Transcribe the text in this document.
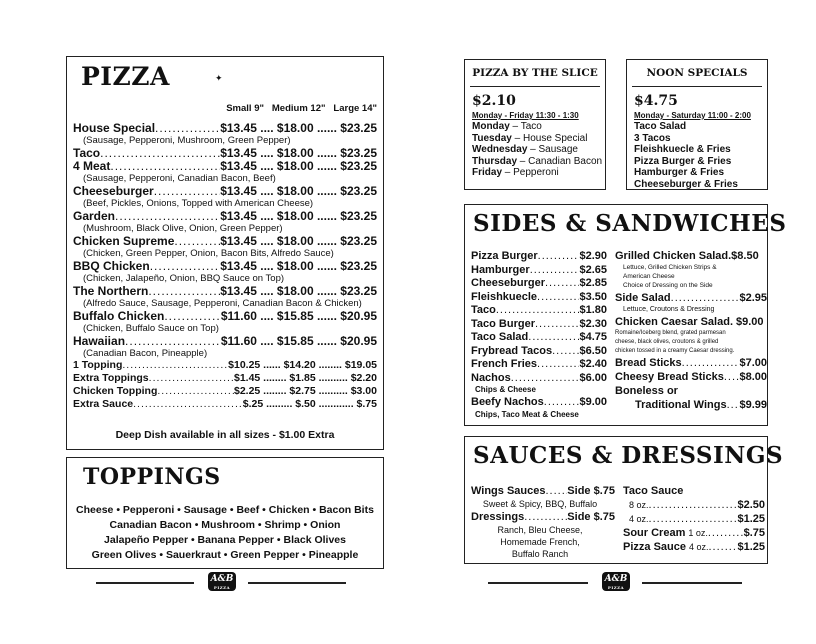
PIZZA	✦
Small 9"   Medium 12"   Large 14"
House Special .....	$13.45 .... $18.00 ...... $23.25
(Sausage, Pepperoni, Mushroom, Green Pepper)
Taco .....	$13.45 .... $18.00 ...... $23.25
4 Meat .....	$13.45 .... $18.00 ...... $23.25
(Sausage, Pepperoni, Canadian Bacon, Beef)
Cheeseburger .....	$13.45 .... $18.00 ...... $23.25
(Beef, Pickles, Onions, Topped with American Cheese)
Garden .....	$13.45 .... $18.00 ...... $23.25
(Mushroom, Black Olive, Onion, Green Pepper)
Chicken Supreme .....	$13.45 .... $18.00 ...... $23.25
(Chicken, Green Pepper, Onion, Bacon Bits, Alfredo Sauce)
BBQ Chicken .....	$13.45 .... $18.00 ...... $23.25
(Chicken, Jalapeño, Onion, BBQ Sauce on Top)
The Northern .....	$13.45 .... $18.00 ...... $23.25
(Alfredo Sauce, Sausage, Pepperoni, Canadian Bacon & Chicken)
Buffalo Chicken .....	$11.60 .... $15.85 ...... $20.95
(Chicken, Buffalo Sauce on Top)
Hawaiian .....	$11.60 .... $15.85 ...... $20.95
(Canadian Bacon, Pineapple)
1 Topping .....	$10.25 ...... $14.20 ........ $19.05
Extra Toppings .....	$1.45 ........ $1.85 .......... $2.20
Chicken Topping .....	$2.25 ........ $2.75 .......... $3.00
Extra Sauce .....	$.25 ......... $.50 ............ $.75
Deep Dish available in all sizes - $1.00 Extra
TOPPINGS
Cheese • Pepperoni • Sausage • Beef • Chicken • Bacon Bits
Canadian Bacon • Mushroom • Shrimp • Onion
Jalapeño Pepper • Banana Pepper • Black Olives
Green Olives • Sauerkraut • Green Pepper • Pineapple
A&B
PIZZA
PIZZA BY THE SLICE
$2.10
Monday - Friday 11:30 - 1:30
Monday – Taco
Tuesday – House Special
Wednesday – Sausage
Thursday – Canadian Bacon
Friday – Pepperoni
NOON SPECIALS
$4.75
Monday - Saturday 11:00 - 2:00
Taco Salad
3 Tacos
Fleishkuecle & Fries
Pizza Burger & Fries
Hamburger & Fries
Cheeseburger & Fries
SIDES & SANDWICHES
Pizza Burger .....	$2.90
Hamburger .....	$2.65
Cheeseburger .....	$2.85
Fleishkuecle .....	$3.50
Taco .....	$1.80
Taco Burger .....	$2.30
Taco Salad .....	$4.75
Frybread Tacos ..... $6.50
French Fries .....	$2.40
Nachos .....	$6.00
Chips & Cheese
Beefy Nachos .....	$9.00
Chips, Taco Meat & Cheese
Grilled Chicken Salad. $8.50
Lettuce, Grilled Chicken Strips &
American Cheese
Choice of Dressing on the Side
Side Salad .....	$2.95
Lettuce, Croutons & Dressing
Chicken Caesar Salad. $9.00
Romaine/Iceberg blend, grated parmesan
cheese, black olives, croutons & grilled
chicken tossed in a creamy Caesar dressing.
Bread Sticks .....	$7.00
Cheesy Bread Sticks ..... $8.00
Boneless or
Traditional Wings ..... $9.99
SAUCES & DRESSINGS
Wings Sauces ..... Side $.75
Sweet & Spicy, BBQ, Buffalo
Dressings .....	Side $.75
Ranch, Bleu Cheese,
Homemade French,
Buffalo Ranch
Taco Sauce
8 oz. .....	$2.50
4 oz. .....	$1.25
Sour Cream 1 oz. .....	$.75
Pizza Sauce 4 oz. .....	$1.25
A&B
PIZZA
